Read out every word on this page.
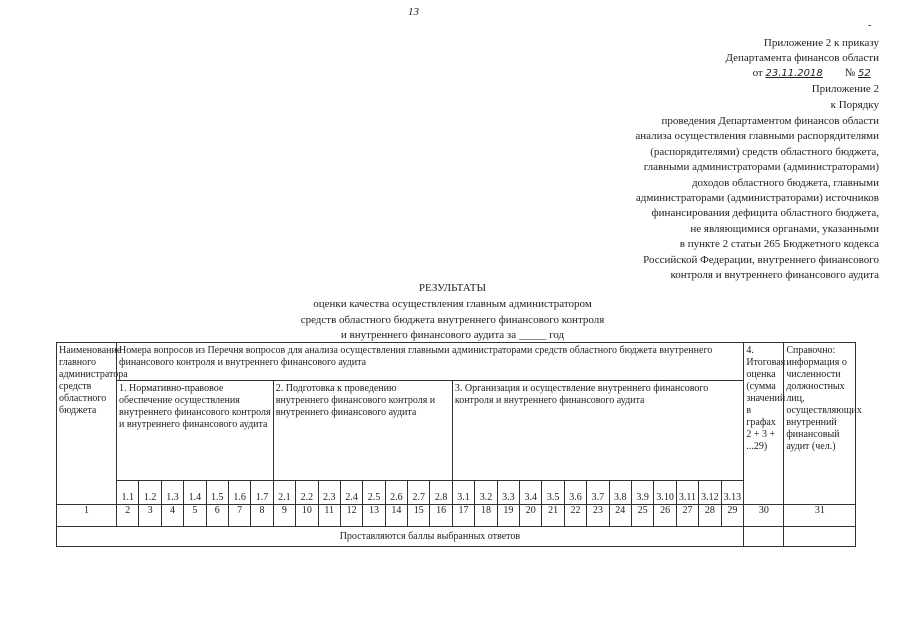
13
-
Приложение 2 к приказу
Департамента финансов области
от 23.11.2018 № 52
Приложение 2
к Порядку
проведения Департаментом финансов области
анализа осуществления главными распорядителями
(распорядителями) средств областного бюджета,
главными администраторами (администраторами)
доходов областного бюджета, главными
администраторами (администраторами) источников
финансирования дефицита областного бюджета,
не являющимися органами, указанными
в пункте 2 статьи 265 Бюджетного кодекса
Российской Федерации, внутреннего финансового
контроля и внутреннего финансового аудита
РЕЗУЛЬТАТЫ
оценки качества осуществления главным администратором
средств областного бюджета внутреннего финансового контроля
и внутреннего финансового аудита за _____ год
Наименование главного администратора средств областного бюджета	Номера вопросов из Перечня вопросов для анализа осуществления главными администраторами средств областного бюджета внутреннего финансового контроля и внутреннего финансового аудита																												4. Итоговая оценка (сумма значений в графах 2 + 3 + ...29)	Справочно: информация о численности должностных лиц, осуществляющих внутренний финансовый аудит (чел.)
	1. Нормативно-правовое обеспечение осуществления внутреннего финансового контроля и внутреннего финансового аудита							2. Подготовка к проведению внутреннего финансового контроля и внутреннего финансового аудита								3. Организация и осуществление внутреннего финансового контроля и внутреннего финансового аудита														
	1.1	1.2	1.3	1.4	1.5	1.6	1.7	2.1	2.2	2.3	2.4	2.5	2.6	2.7	2.8	3.1	3.2	3.3	3.4	3.5	3.6	3.7	3.8	3.9	3.10	3.11	3.12	3.13		
1	2	3	4	5	6	7	8	9	10	11	12	13	14	15	16	17	18	19	20	21	22	23	24	25	26	27	28	29	30	31
	Проставляются баллы выбранных ответов																													
